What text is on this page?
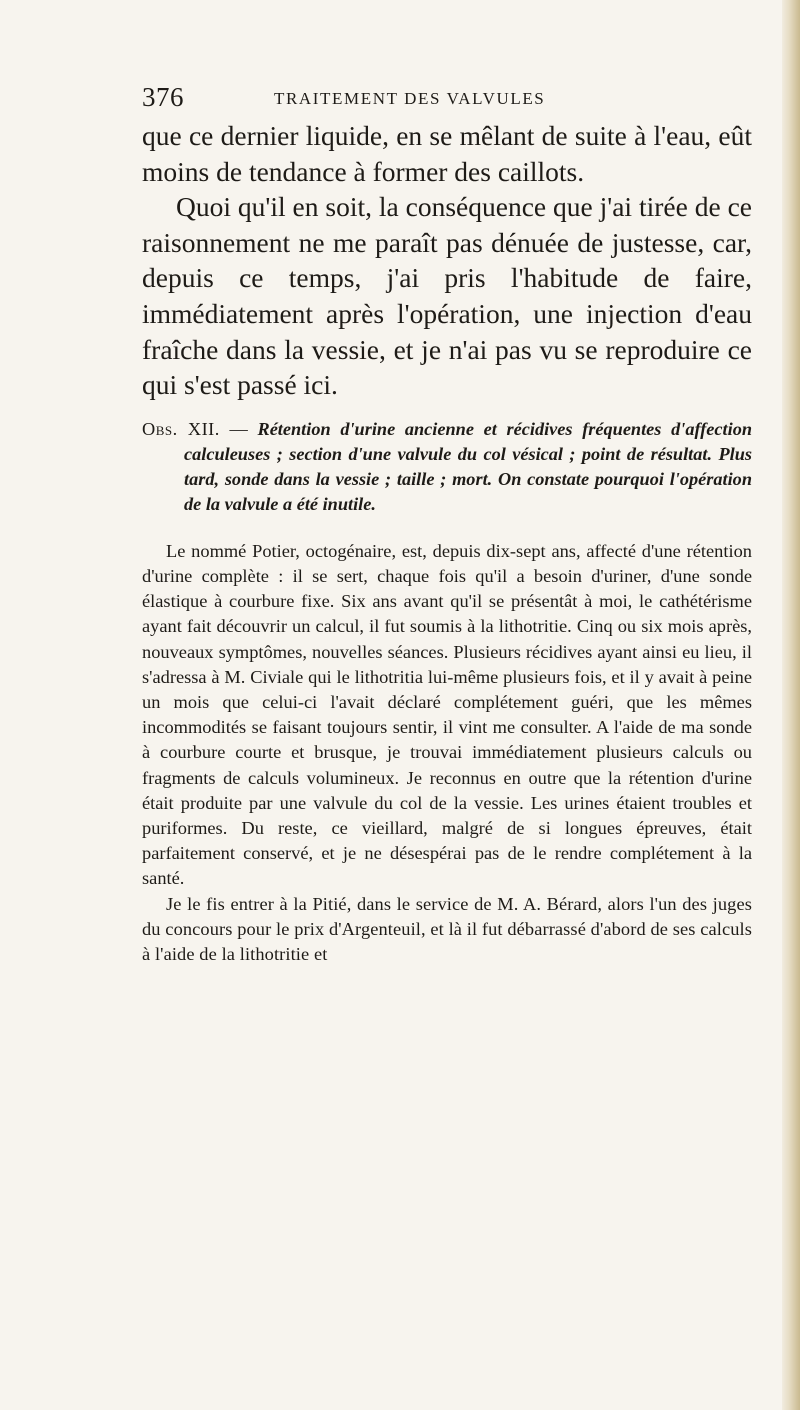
376	TRAITEMENT DES VALVULES

que ce dernier liquide, en se mêlant de suite à l'eau, eût moins de tendance à former des caillots.

Quoi qu'il en soit, la conséquence que j'ai tirée de ce raisonnement ne me paraît pas dénuée de justesse, car, depuis ce temps, j'ai pris l'habitude de faire, immédiatement après l'opération, une injection d'eau fraîche dans la vessie, et je n'ai pas vu se reproduire ce qui s'est passé ici.

Obs. XII. — Rétention d'urine ancienne et récidives fréquentes d'affection calculeuses ; section d'une valvule du col vésical ; point de résultat. Plus tard, sonde dans la vessie ; taille ; mort. On constate pourquoi l'opération de la valvule a été inutile.

Le nommé Potier, octogénaire, est, depuis dix-sept ans, affecté d'une rétention d'urine complète : il se sert, chaque fois qu'il a besoin d'uriner, d'une sonde élastique à courbure fixe. Six ans avant qu'il se présentât à moi, le cathétérisme ayant fait découvrir un calcul, il fut soumis à la lithotritie. Cinq ou six mois après, nouveaux symptômes, nouvelles séances. Plusieurs récidives ayant ainsi eu lieu, il s'adressa à M. Civiale qui le lithotritia lui-même plusieurs fois, et il y avait à peine un mois que celui-ci l'avait déclaré complétement guéri, que les mêmes incommodités se faisant toujours sentir, il vint me consulter. A l'aide de ma sonde à courbure courte et brusque, je trouvai immédiatement plusieurs calculs ou fragments de calculs volumineux. Je reconnus en outre que la rétention d'urine était produite par une valvule du col de la vessie. Les urines étaient troubles et puriformes. Du reste, ce vieillard, malgré de si longues épreuves, était parfaitement conservé, et je ne désespérai pas de le rendre complétement à la santé.

Je le fis entrer à la Pitié, dans le service de M. A. Bérard, alors l'un des juges du concours pour le prix d'Argenteuil, et là il fut débarrassé d'abord de ses calculs à l'aide de la lithotritie et
